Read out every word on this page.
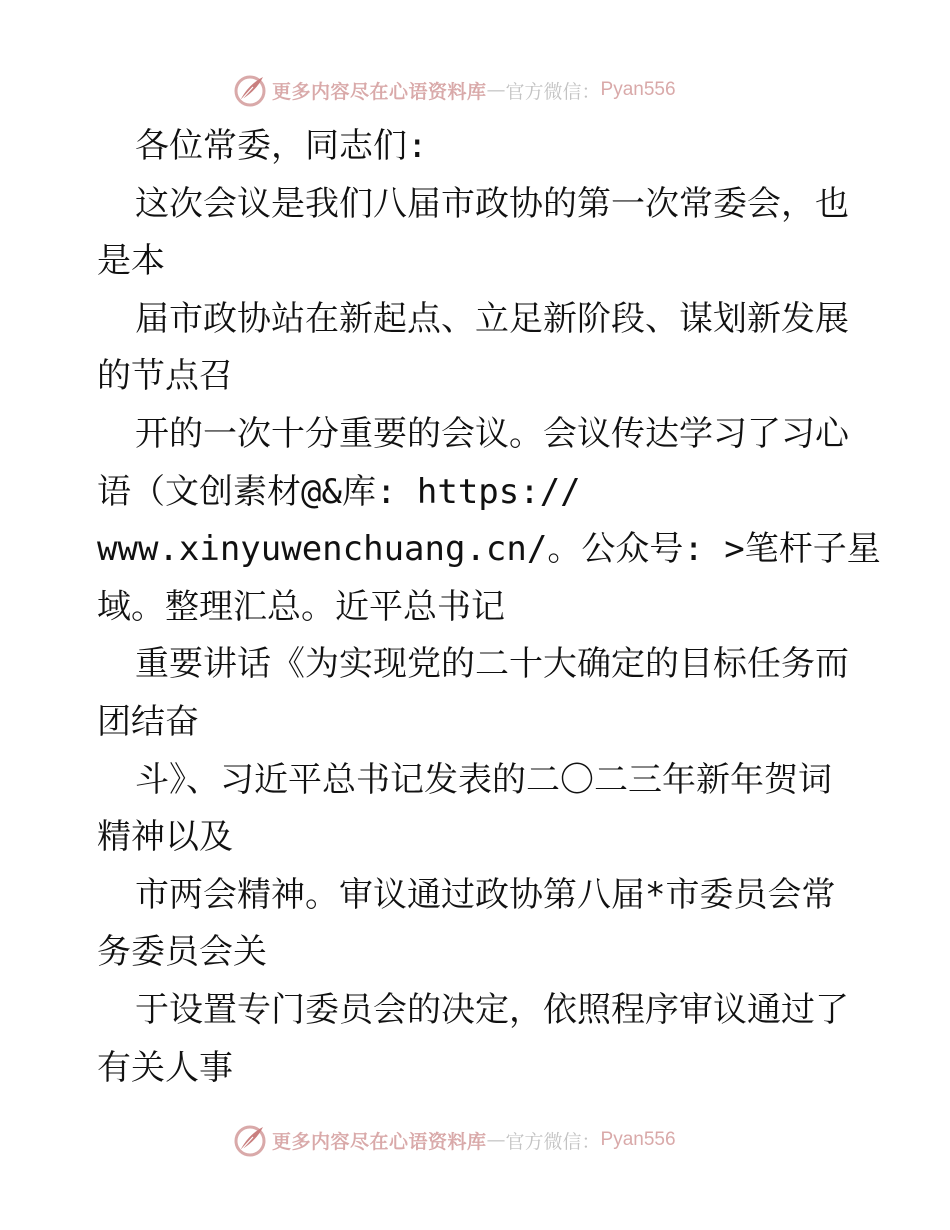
更多内容尽在心语资料库 — 官方微信： Pyan556
各位常委，同志们:
这次会议是我们八届市政协的第一次常委会，也
是本
届市政协站在新起点、立足新阶段、谋划新发展
的节点召
开的一次十分重要的会议。会议传达学习了习心
语（文创素材@&库: https://
www.xinyuwenchuang.cn/。公众号: >笔杆子星
域。整理汇总。近平总书记
重要讲话《为实现党的二十大确定的目标任务而
团结奋
斗》、习近平总书记发表的二〇二三年新年贺词
精神以及
市两会精神。审议通过政协第八届*市委员会常
务委员会关
于设置专门委员会的决定，依照程序审议通过了
有关人事
更多内容尽在心语资料库 — 官方微信： Pyan556
